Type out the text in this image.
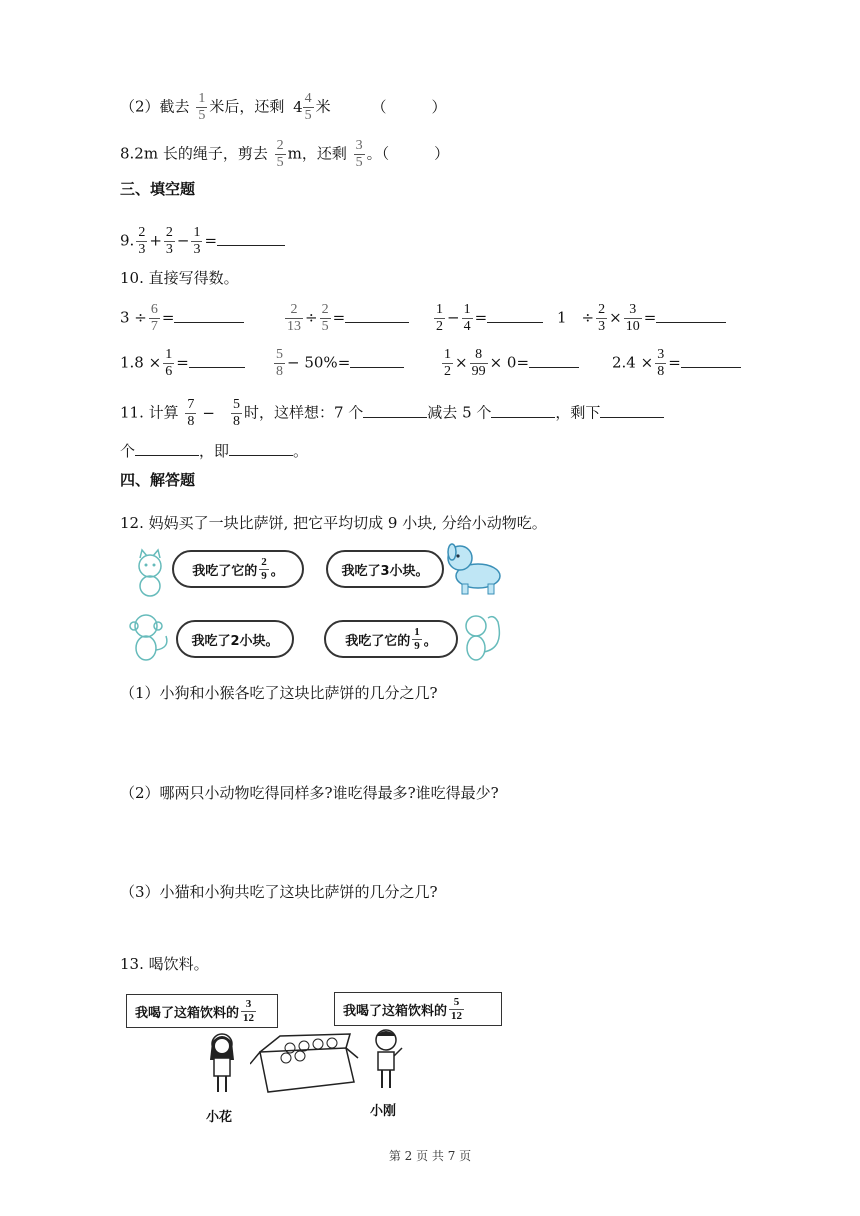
（2）截去 $\frac{1}{5}$ 米后，还剩 $4 \frac{4}{5}$ 米	（　　　）
8.2m 长的绳子，剪去 $\frac{2}{5}$ m，还剩 $\frac{3}{5}$ 。（　　　）
三、填空题
9. $\frac{2}{3} + \frac{2}{3} - \frac{1}{3}$ =
10. 直接写得数。
$3 \div \frac{6}{7}$ =	$\frac{2}{13} \div \frac{2}{5}$ =	$\frac{1}{2} - \frac{1}{4}$ =	1　÷ $\frac{2}{3} \times \frac{3}{10}$ =
$1.8 \times \frac{1}{6}$ =	$\frac{5}{8} - 50\%=$	$\frac{1}{2} \times \frac{8}{99} \times 0=$	$2.4 \times \frac{3}{8}$ =
11. 计算 $\frac{7}{8} - \frac{5}{8}$ 时，这样想：7 个	减去 5 个	，剩下
个	，即	。
四、解答题
12. 妈妈买了一块比萨饼, 把它平均切成 9 小块, 分给小动物吃。
我吃了它的 $\frac{2}{9}$ 。	我吃了3小块。
我吃了2小块。	我吃了它的 $\frac{1}{9}$ 。
（1）小狗和小猴各吃了这块比萨饼的几分之几?
（2）哪两只小动物吃得同样多?谁吃得最多?谁吃得最少?
（3）小猫和小狗共吃了这块比萨饼的几分之几?
13. 喝饮料。
我喝了这箱饮料的 $\frac{3}{12}$	我喝了这箱饮料的 $\frac{5}{12}$
小花	小刚
第 2 页 共 7 页
